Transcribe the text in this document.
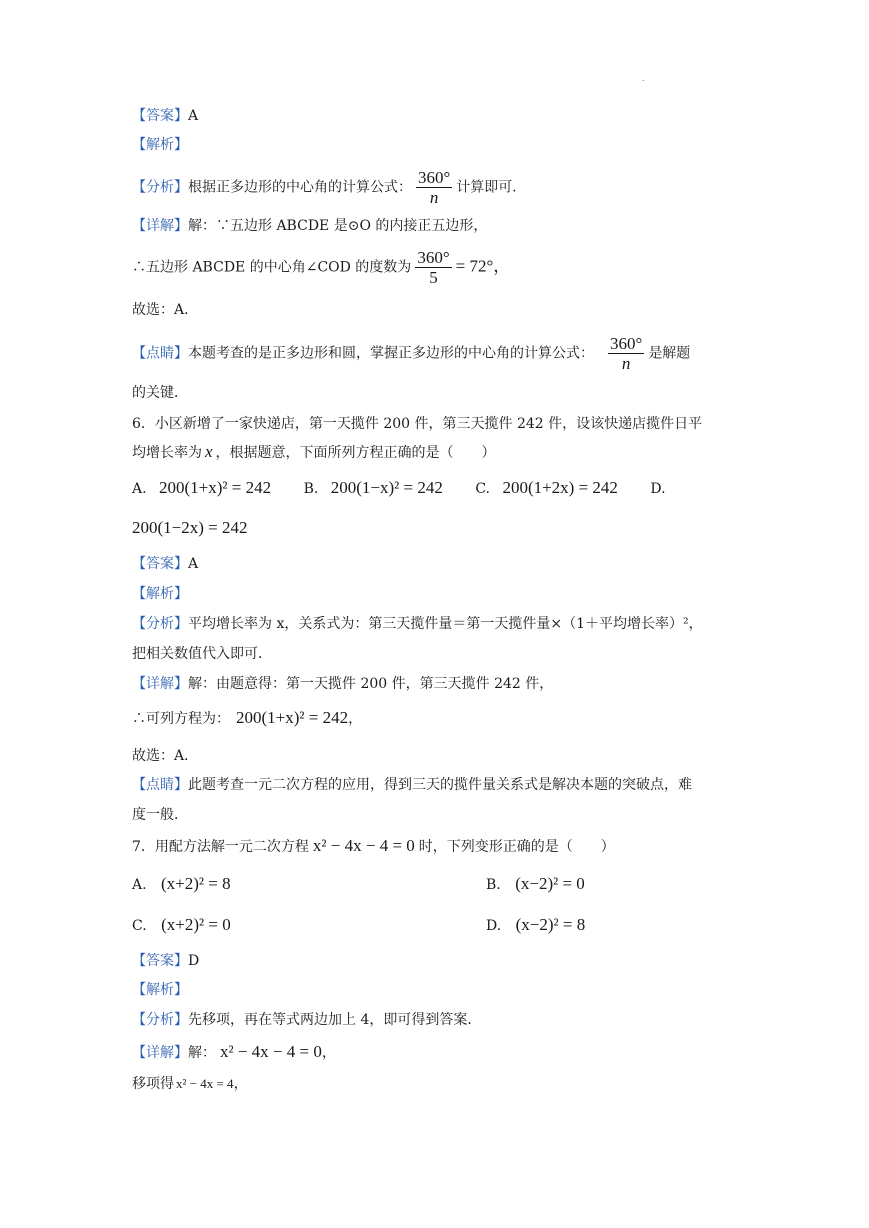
.
【答案】A
【解析】
【分析】根据正多边形的中心角的计算公式： $\frac{360^\circ}{n}$ 计算即可．
【详解】解：∵五边形 ABCDE 是⊙O 的内接正五边形，
∴五边形 ABCDE 的中心角∠COD 的度数为 $\frac{360^\circ}{5} = 72^\circ$，
故选：A．
【点睛】本题考查的是正多边形和圆，掌握正多边形的中心角的计算公式： $\frac{360^\circ}{n}$ 是解题
的关键．
6．小区新增了一家快递店，第一天揽件 200 件，第三天揽件 242 件，设该快递店揽件日平
均增长率为 x ，根据题意，下面所列方程正确的是（　　）
A. 200(1+x)² = 242 B. 200(1−x)² = 242 C. 200(1+2x) = 242 D.
200(1−2x) = 242
【答案】A
【解析】
【分析】平均增长率为 x，关系式为：第三天揽件量＝第一天揽件量×（1＋平均增长率）²，
把相关数值代入即可．
【详解】解：由题意得：第一天揽件 200 件，第三天揽件 242 件，
∴可列方程为： 200(1+x)² = 242，
故选：A．
【点睛】此题考查一元二次方程的应用，得到三天的揽件量关系式是解决本题的突破点，难
度一般．
7．用配方法解一元二次方程 x² − 4x − 4 = 0 时，下列变形正确的是（　　）
A. (x+2)² = 8	B. (x−2)² = 0
C. (x+2)² = 0	D. (x−2)² = 8
【答案】D
【解析】
【分析】先移项，再在等式两边加上 4，即可得到答案．
【详解】解： x² − 4x − 4 = 0，
移项得 x² − 4x = 4，
